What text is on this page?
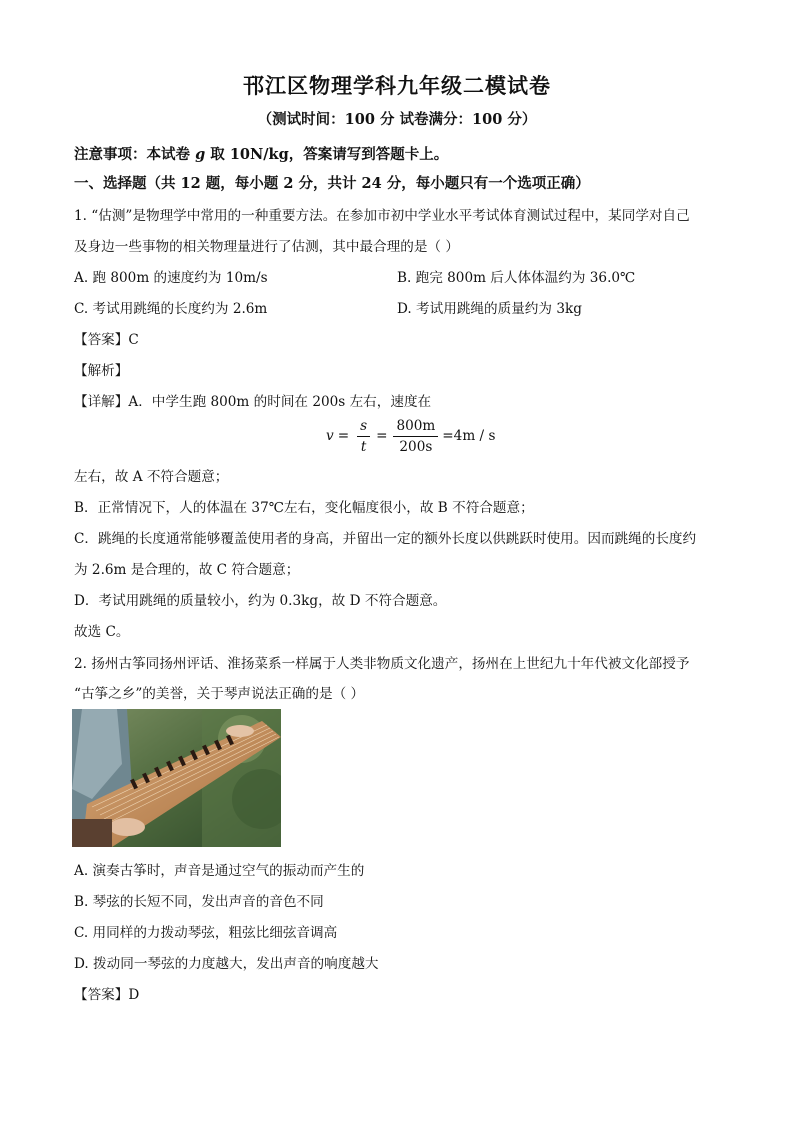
邗江区物理学科九年级二模试卷
（测试时间：100 分 试卷满分：100 分）
注意事项：本试卷 g 取 10N/kg，答案请写到答题卡上。
一、选择题（共 12 题，每小题 2 分，共计 24 分，每小题只有一个选项正确）
1. “估测”是物理学中常用的一种重要方法。在参加市初中学业水平考试体育测试过程中，某同学对自己
及身边一些事物的相关物理量进行了估测，其中最合理的是（ ）
A. 跑 800m 的速度约为 10m/s	B. 跑完 800m 后人体体温约为 36.0℃
C. 考试用跳绳的长度约为 2.6m	D. 考试用跳绳的质量约为 3kg
【答案】C
【解析】
【详解】A．中学生跑 800m 的时间在 200s 左右，速度在
$v = \frac{s}{t} = \frac{800m}{200s} =4m / s$
左右，故 A 不符合题意；
B．正常情况下，人的体温在 37℃左右，变化幅度很小，故 B 不符合题意；
C．跳绳的长度通常能够覆盖使用者的身高，并留出一定的额外长度以供跳跃时使用。因而跳绳的长度约
为 2.6m 是合理的，故 C 符合题意；
D．考试用跳绳的质量较小，约为 0.3kg，故 D 不符合题意。
故选 C。
2. 扬州古筝同扬州评话、淮扬菜系一样属于人类非物质文化遗产，扬州在上世纪九十年代被文化部授予
“古筝之乡”的美誉，关于琴声说法正确的是（ ）
A. 演奏古筝时，声音是通过空气的振动而产生的
B. 琴弦的长短不同，发出声音的音色不同
C. 用同样的力拨动琴弦，粗弦比细弦音调高
D. 拨动同一琴弦的力度越大，发出声音的响度越大
【答案】D
